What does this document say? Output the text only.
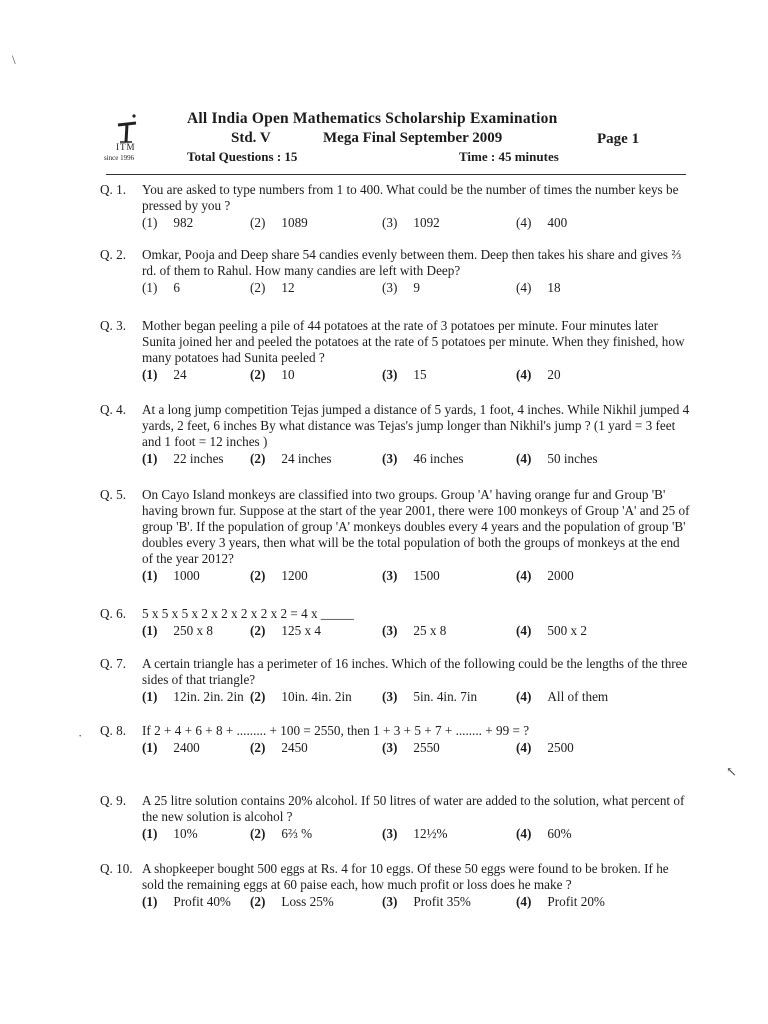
\
↖
·
ITM
since 1996
All India Open Mathematics Scholarship Examination
Std. V	Mega Final September 2009	Page 1
Total Questions : 15	Time : 45 minutes
Q. 1. You are asked to type numbers from 1 to 400. What could be the number of times the number keys be pressed by you ?
(1) 982	(2) 1089	(3) 1092	(4) 400
Q. 2. Omkar, Pooja and Deep share 54 candies evenly between them. Deep then takes his share and gives ⅔ rd. of them to Rahul. How many candies are left with Deep?
(1) 6	(2) 12	(3) 9	(4) 18
Q. 3. Mother began peeling a pile of 44 potatoes at the rate of 3 potatoes per minute. Four minutes later Sunita joined her and peeled the potatoes at the rate of 5 potatoes per minute. When they finished, how many potatoes had Sunita peeled ?
(1) 24	(2) 10	(3) 15	(4) 20
Q. 4. At a long jump competition Tejas jumped a distance of 5 yards, 1 foot, 4 inches. While Nikhil jumped 4 yards, 2 feet, 6 inches By what distance was Tejas's jump longer than Nikhil's jump ? (1 yard = 3 feet and 1 foot = 12 inches )
(1) 22 inches (2) 24 inches	(3) 46 inches	(4) 50 inches
Q. 5. On Cayo Island monkeys are classified into two groups. Group 'A' having orange fur and Group 'B' having brown fur. Suppose at the start of the year 2001, there were 100 monkeys of Group 'A' and 25 of group 'B'. If the population of group 'A' monkeys doubles every 4 years and the population of group 'B' doubles every 3 years, then what will be the total population of both the groups of monkeys at the end of the year 2012?
(1) 1000	(2) 1200	(3) 1500	(4) 2000
Q. 6. 5 x 5 x 5 x 2 x 2 x 2 x 2 x 2 = 4 x _____
(1) 250 x 8	(2) 125 x 4	(3) 25 x 8	(4) 500 x 2
Q. 7. A certain triangle has a perimeter of 16 inches. Which of the following could be the lengths of the three sides of that triangle?
(1) 12in. 2in. 2in (2) 10in. 4in. 2in (3) 5in. 4in. 7in	(4) All of them
Q. 8. If 2 + 4 + 6 + 8 + ......... + 100 = 2550, then 1 + 3 + 5 + 7 + ........ + 99 = ?
(1) 2400	(2) 2450	(3) 2550	(4) 2500
Q. 9. A 25 litre solution contains 20% alcohol. If 50 litres of water are added to the solution, what percent of the new solution is alcohol ?
(1) 10%	(2) 6⅔ %	(3) 12½%	(4) 60%
Q. 10. A shopkeeper bought 500 eggs at Rs. 4 for 10 eggs. Of these 50 eggs were found to be broken. If he sold the remaining eggs at 60 paise each, how much profit or loss does he make ?
(1) Profit 40% (2) Loss 25%	(3) Profit 35%	(4) Profit 20%
